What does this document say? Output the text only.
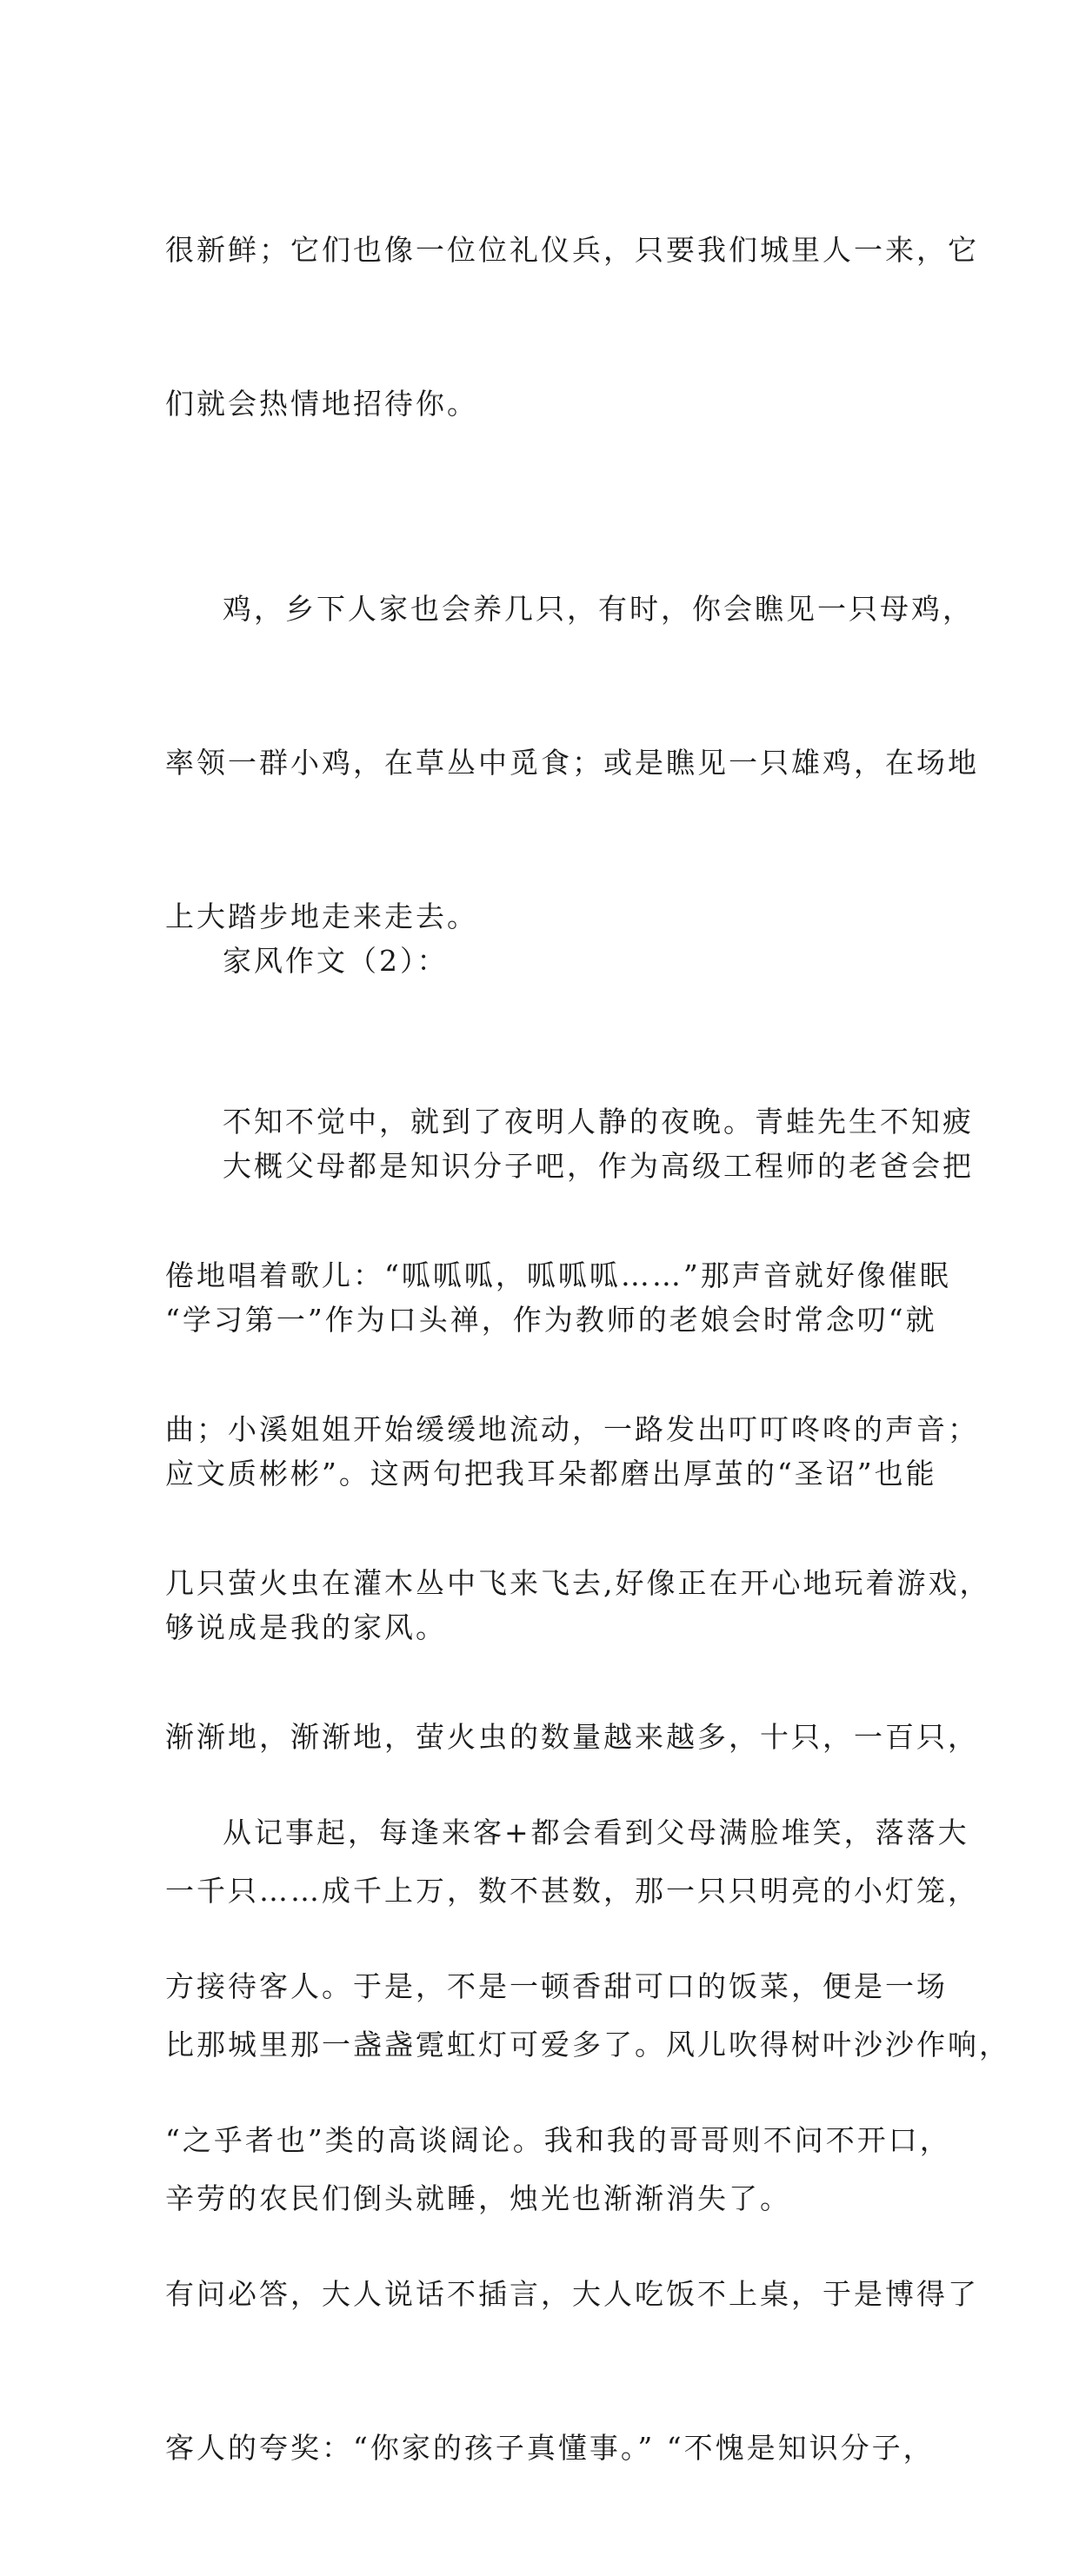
很新鲜；它们也像一位位礼仪兵，只要我们城里人一来，它

们就会热情地招待你。

鸡，乡下人家也会养几只，有时，你会瞧见一只母鸡，

率领一群小鸡，在草丛中觅食；或是瞧见一只雄鸡，在场地

上大踏步地走来走去。

不知不觉中，就到了夜明人静的夜晚。青蛙先生不知疲

倦地唱着歌儿：“呱呱呱，呱呱呱……”那声音就好像催眠

曲；小溪姐姐开始缓缓地流动，一路发出叮叮咚咚的声音；

几只萤火虫在灌木丛中飞来飞去,好像正在开心地玩着游戏，

渐渐地，渐渐地，萤火虫的数量越来越多，十只，一百只，

一千只……成千上万，数不甚数，那一只只明亮的小灯笼，

比那城里那一盏盏霓虹灯可爱多了。风儿吹得树叶沙沙作响，

辛劳的农民们倒头就睡，烛光也渐渐消失了。

家风作文（2）：

大概父母都是知识分子吧，作为高级工程师的老爸会把

“学习第一”作为口头禅，作为教师的老娘会时常念叨“就

应文质彬彬”。这两句把我耳朵都磨出厚茧的“圣诏”也能

够说成是我的家风。

从记事起，每逢来客+都会看到父母满脸堆笑，落落大

方接待客人。于是，不是一顿香甜可口的饭菜，便是一场

“之乎者也”类的高谈阔论。我和我的哥哥则不问不开口，

有问必答，大人说话不插言，大人吃饭不上桌，于是博得了

客人的夸奖：“你家的孩子真懂事。” “不愧是知识分子，
